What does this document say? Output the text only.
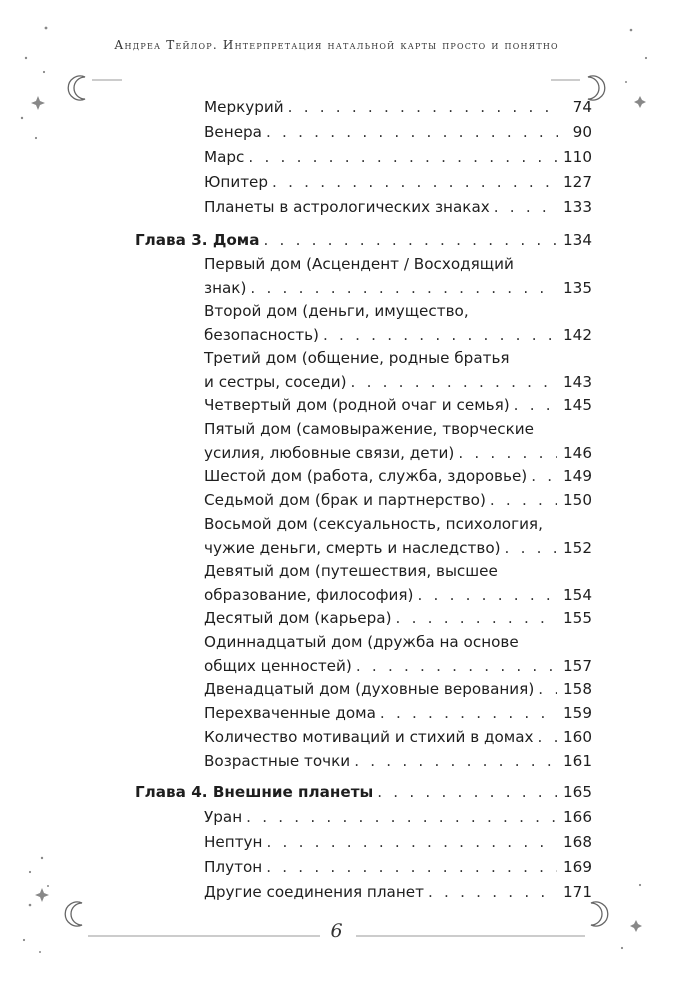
Андреа Тейлор. Интерпретация натальной карты просто и понятно
Меркурий . . .	74
Венера . . .	90
Марс . . .	110
Юпитер . . .	127
Планеты в астрологических знаках . . .	133
Глава 3. Дома . . .	134
Первый дом (Асцендент / Восходящий
знак) . . .	135
Второй дом (деньги, имущество,
безопасность) . . .	142
Третий дом (общение, родные братья
и сестры, соседи) . . .	143
Четвертый дом (родной очаг и семья) . . .	145
Пятый дом (самовыражение, творческие
усилия, любовные связи, дети) . . .	146
Шестой дом (работа, служба, здоровье) . . . 149
Седьмой дом (брак и партнерство) . . .	150
Восьмой дом (сексуальность, психология,
чужие деньги, смерть и наследство) . . .	152
Девятый дом (путешествия, высшее
образование, философия) . . .	154
Десятый дом (карьера) . . .	155
Одиннадцатый дом (дружба на основе
общих ценностей) . . .	157
Двенадцатый дом (духовные верования) . . . 158
Перехваченные дома . . .	159
Количество мотиваций и стихий в домах . . . 160
Возрастные точки . . .	161
Глава 4. Внешние планеты . . .	165
Уран . . .	166
Нептун . . .	168
Плутон . . .	169
Другие соединения планет . . .	171
6
